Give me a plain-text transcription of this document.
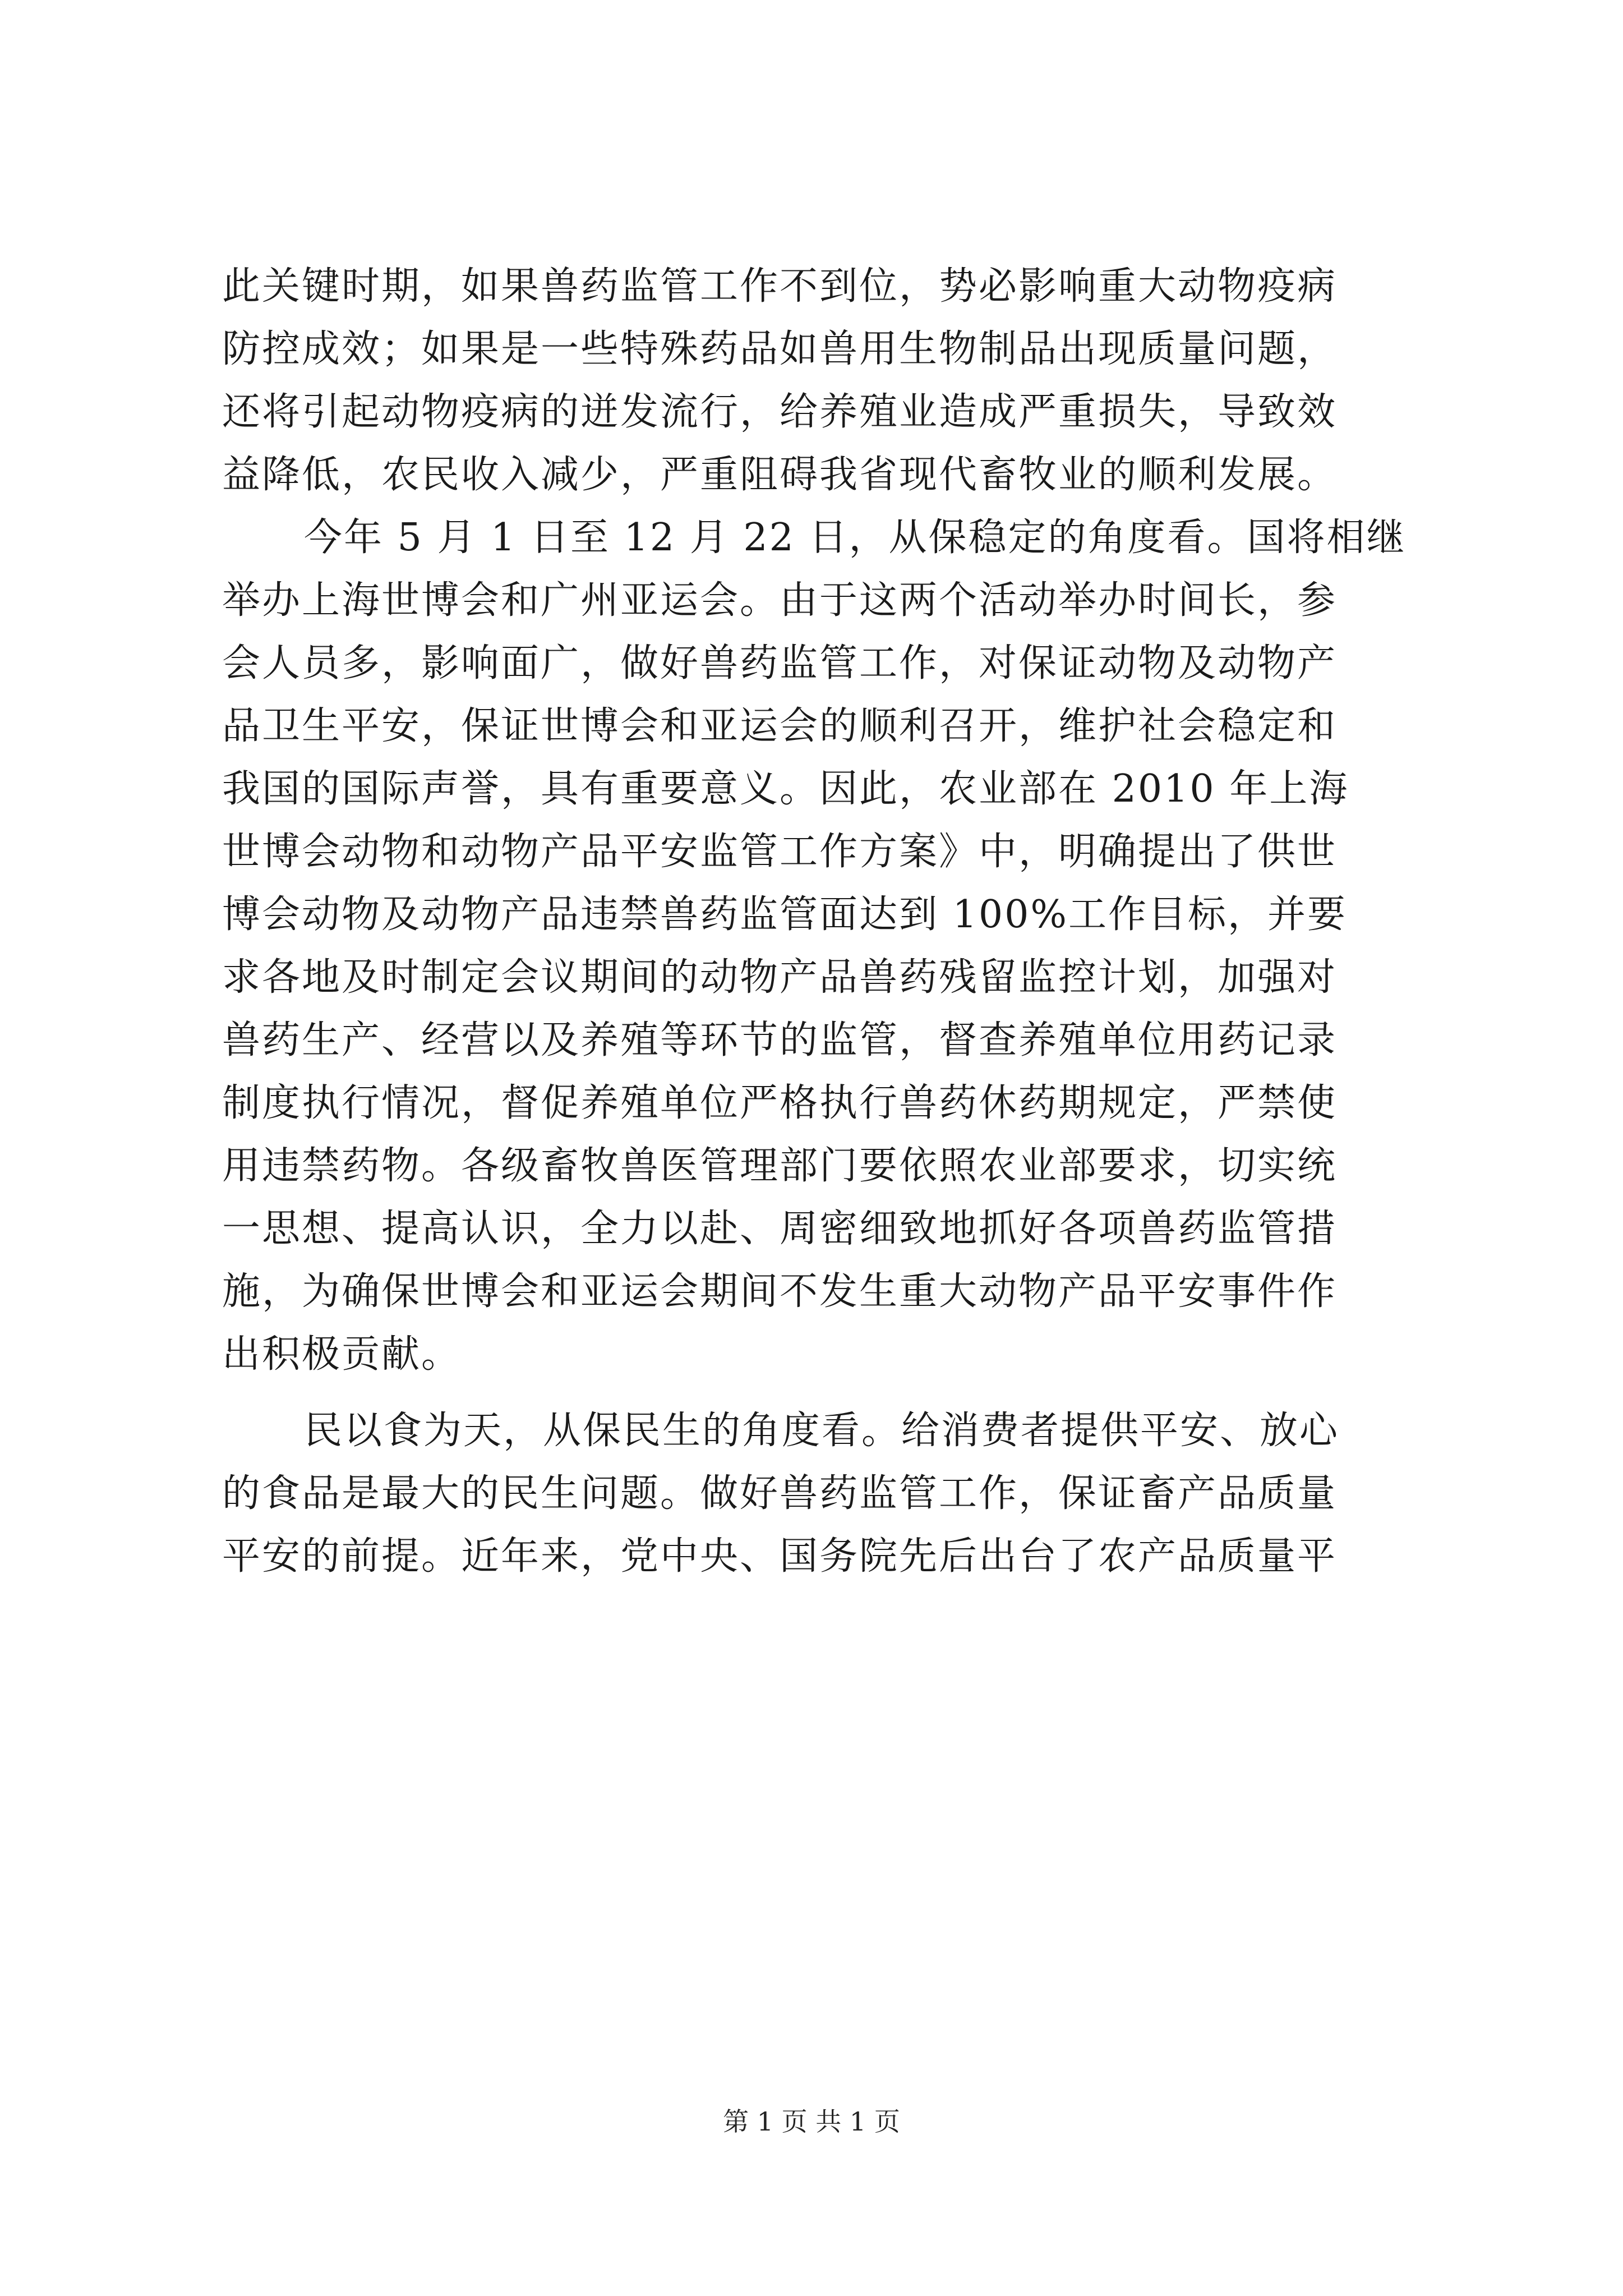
此关键时期，如果兽药监管工作不到位，势必影响重大动物疫病
防控成效；如果是一些特殊药品如兽用生物制品出现质量问题，
还将引起动物疫病的迸发流行，给养殖业造成严重损失，导致效
益降低，农民收入减少，严重阻碍我省现代畜牧业的顺利发展。
今年 5 月 1 日至 12 月 22 日，从保稳定的角度看。国将相继
举办上海世博会和广州亚运会。由于这两个活动举办时间长，参
会人员多，影响面广，做好兽药监管工作，对保证动物及动物产
品卫生平安，保证世博会和亚运会的顺利召开，维护社会稳定和
我国的国际声誉，具有重要意义。因此，农业部在 2010 年上海
世博会动物和动物产品平安监管工作方案》中，明确提出了供世
博会动物及动物产品违禁兽药监管面达到 100%工作目标，并要
求各地及时制定会议期间的动物产品兽药残留监控计划，加强对
兽药生产、经营以及养殖等环节的监管，督查养殖单位用药记录
制度执行情况，督促养殖单位严格执行兽药休药期规定，严禁使
用违禁药物。各级畜牧兽医管理部门要依照农业部要求，切实统
一思想、提高认识，全力以赴、周密细致地抓好各项兽药监管措
施，为确保世博会和亚运会期间不发生重大动物产品平安事件作
出积极贡献。
民以食为天，从保民生的角度看。给消费者提供平安、放心
的食品是最大的民生问题。做好兽药监管工作，保证畜产品质量
平安的前提。近年来，党中央、国务院先后出台了农产品质量平
第 1 页 共 1 页
